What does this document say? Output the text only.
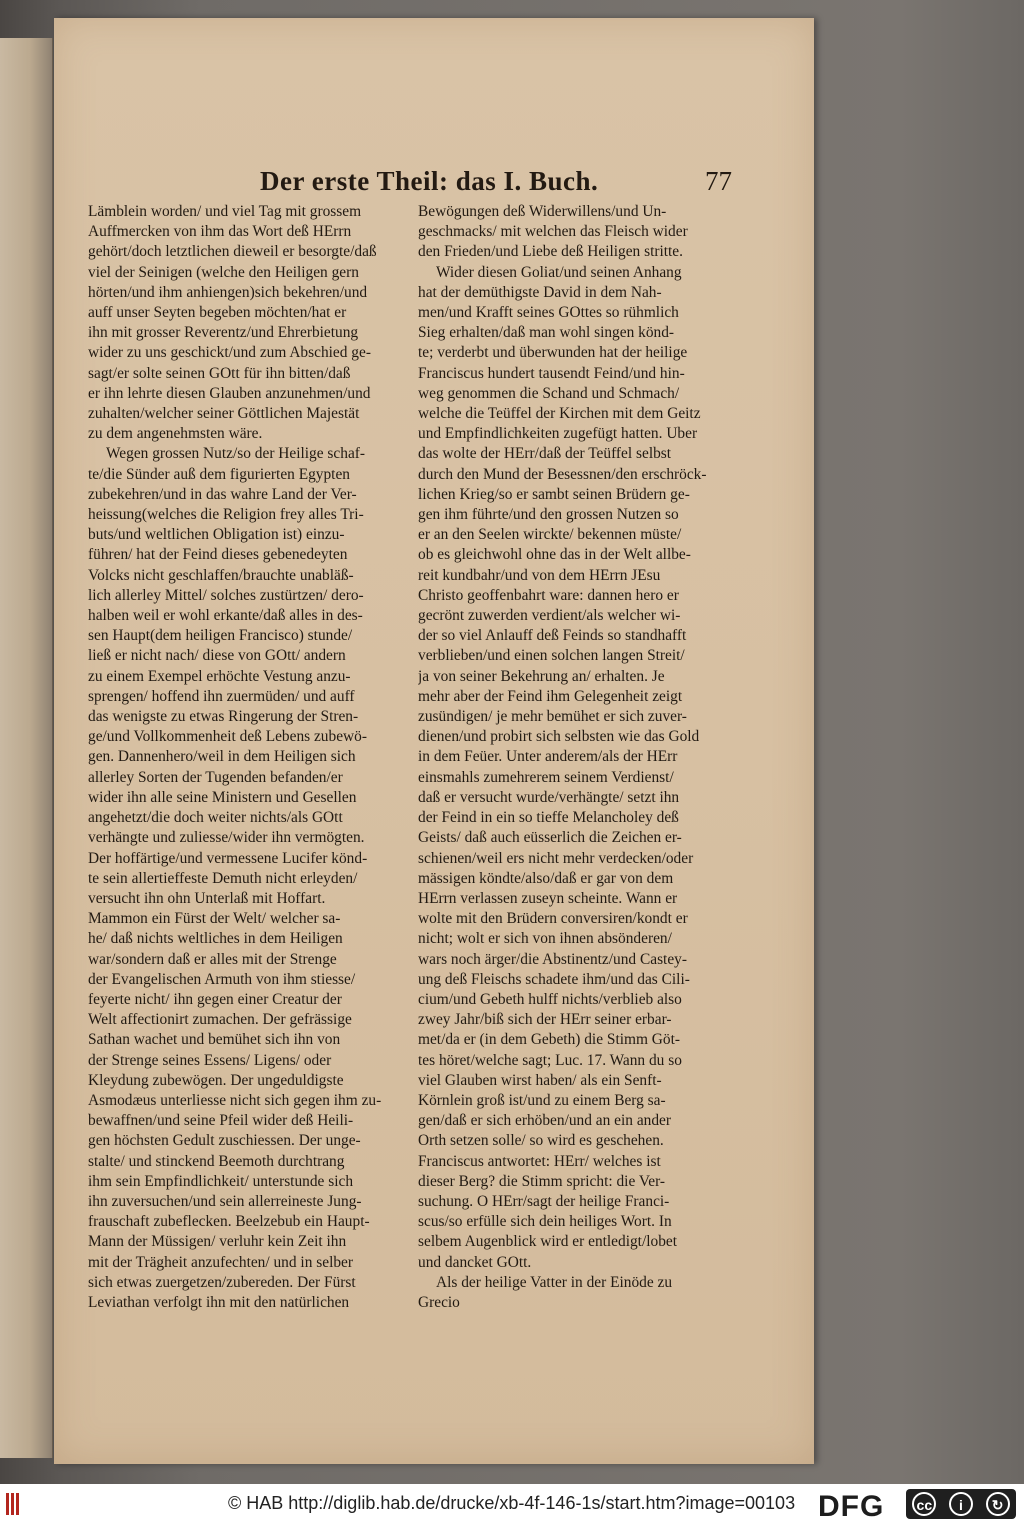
Der erste Theil: das I. Buch.	77

Lämblein worden/ und viel Tag mit grossem

Auffmercken von ihm das Wort deß HErrn

gehört/doch letztlichen dieweil er besorgte/daß

viel der Seinigen (welche den Heiligen gern

hörten/und ihm anhiengen)sich bekehren/und

auff unser Seyten begeben möchten/hat er

ihn mit grosser Reverentz/und Ehrerbietung

wider zu uns geschickt/und zum Abschied ge-

sagt/er solte seinen GOtt für ihn bitten/daß

er ihn lehrte diesen Glauben anzunehmen/und

zuhalten/welcher seiner Göttlichen Majestät

zu dem angenehmsten wäre.

Wegen grossen Nutz/so der Heilige schaf-

te/die Sünder auß dem figurierten Egypten

zubekehren/und in das wahre Land der Ver-

heissung(welches die Religion frey alles Tri-

buts/und weltlichen Obligation ist) einzu-

führen/ hat der Feind dieses gebenedeyten

Volcks nicht geschlaffen/brauchte unabläß-

lich allerley Mittel/ solches zustürtzen/ dero-

halben weil er wohl erkante/daß alles in des-

sen Haupt(dem heiligen Francisco) stunde/

ließ er nicht nach/ diese von GOtt/ andern

zu einem Exempel erhöchte Vestung anzu-

sprengen/ hoffend ihn zuermüden/ und auff

das wenigste zu etwas Ringerung der Stren-

ge/und Vollkommenheit deß Lebens zubewö-

gen. Dannenhero/weil in dem Heiligen sich

allerley Sorten der Tugenden befanden/er

wider ihn alle seine Ministern und Gesellen

angehetzt/die doch weiter nichts/als GOtt

verhängte und zuliesse/wider ihn vermögten.

Der hoffärtige/und vermessene Lucifer könd-

te sein allertieffeste Demuth nicht erleyden/

versucht ihn ohn Unterlaß mit Hoffart.

Mammon ein Fürst der Welt/ welcher sa-

he/ daß nichts weltliches in dem Heiligen

war/sondern daß er alles mit der Strenge

der Evangelischen Armuth von ihm stiesse/

feyerte nicht/ ihn gegen einer Creatur der

Welt affectionirt zumachen. Der gefrässige

Sathan wachet und bemühet sich ihn von

der Strenge seines Essens/ Ligens/ oder

Kleydung zubewögen. Der ungeduldigste

Asmodæus unterliesse nicht sich gegen ihm zu-

bewaffnen/und seine Pfeil wider deß Heili-

gen höchsten Gedult zuschiessen. Der unge-

stalte/ und stinckend Beemoth durchtrang

ihm sein Empfindlichkeit/ unterstunde sich

ihn zuversuchen/und sein allerreineste Jung-

frauschaft zubeflecken. Beelzebub ein Haupt-

Mann der Müssigen/ verluhr kein Zeit ihn

mit der Trägheit anzufechten/ und in selber

sich etwas zuergetzen/zubereden. Der Fürst

Leviathan verfolgt ihn mit den natürlichen

Bewögungen deß Widerwillens/und Un-

geschmacks/ mit welchen das Fleisch wider

den Frieden/und Liebe deß Heiligen stritte.

Wider diesen Goliat/und seinen Anhang

hat der demüthigste David in dem Nah-

men/und Krafft seines GOttes so rühmlich

Sieg erhalten/daß man wohl singen könd-

te; verderbt und überwunden hat der heilige

Franciscus hundert tausendt Feind/und hin-

weg genommen die Schand und Schmach/

welche die Teüffel der Kirchen mit dem Geitz

und Empfindlichkeiten zugefügt hatten. Uber

das wolte der HErr/daß der Teüffel selbst

durch den Mund der Besessnen/den erschröck-

lichen Krieg/so er sambt seinen Brüdern ge-

gen ihm führte/und den grossen Nutzen so

er an den Seelen wirckte/ bekennen müste/

ob es gleichwohl ohne das in der Welt allbe-

reit kundbahr/und von dem HErrn JEsu

Christo geoffenbahrt ware: dannen hero er

gecrönt zuwerden verdient/als welcher wi-

der so viel Anlauff deß Feinds so standhafft

verblieben/und einen solchen langen Streit/

ja von seiner Bekehrung an/ erhalten. Je

mehr aber der Feind ihm Gelegenheit zeigt

zusündigen/ je mehr bemühet er sich zuver-

dienen/und probirt sich selbsten wie das Gold

in dem Feüer. Unter anderem/als der HErr

einsmahls zumehrerem seinem Verdienst/

daß er versucht wurde/verhängte/ setzt ihn

der Feind in ein so tieffe Melancholey deß

Geists/ daß auch eüsserlich die Zeichen er-

schienen/weil ers nicht mehr verdecken/oder

mässigen köndte/also/daß er gar von dem

HErrn verlassen zuseyn scheinte. Wann er

wolte mit den Brüdern conversiren/kondt er

nicht; wolt er sich von ihnen absönderen/

wars noch ärger/die Abstinentz/und Castey-

ung deß Fleischs schadete ihm/und das Cili-

cium/und Gebeth hulff nichts/verblieb also

zwey Jahr/biß sich der HErr seiner erbar-

met/da er (in dem Gebeth) die Stimm Göt-

tes höret/welche sagt; Luc. 17. Wann du so

viel Glauben wirst haben/ als ein Senft-

Körnlein groß ist/und zu einem Berg sa-

gen/daß er sich erhöben/und an ein ander

Orth setzen solle/ so wird es geschehen.

Franciscus antwortet: HErr/ welches ist

dieser Berg? die Stimm spricht: die Ver-

suchung. O HErr/sagt der heilige Franci-

scus/so erfülle sich dein heiliges Wort. In

selbem Augenblick wird er entledigt/lobet

und dancket GOtt.

Als der heilige Vatter in der Einöde zu

Grecio

© HAB http://diglib.hab.de/drucke/xb-4f-146-1s/start.htm?image=00103 DFG	cc	i	↻
